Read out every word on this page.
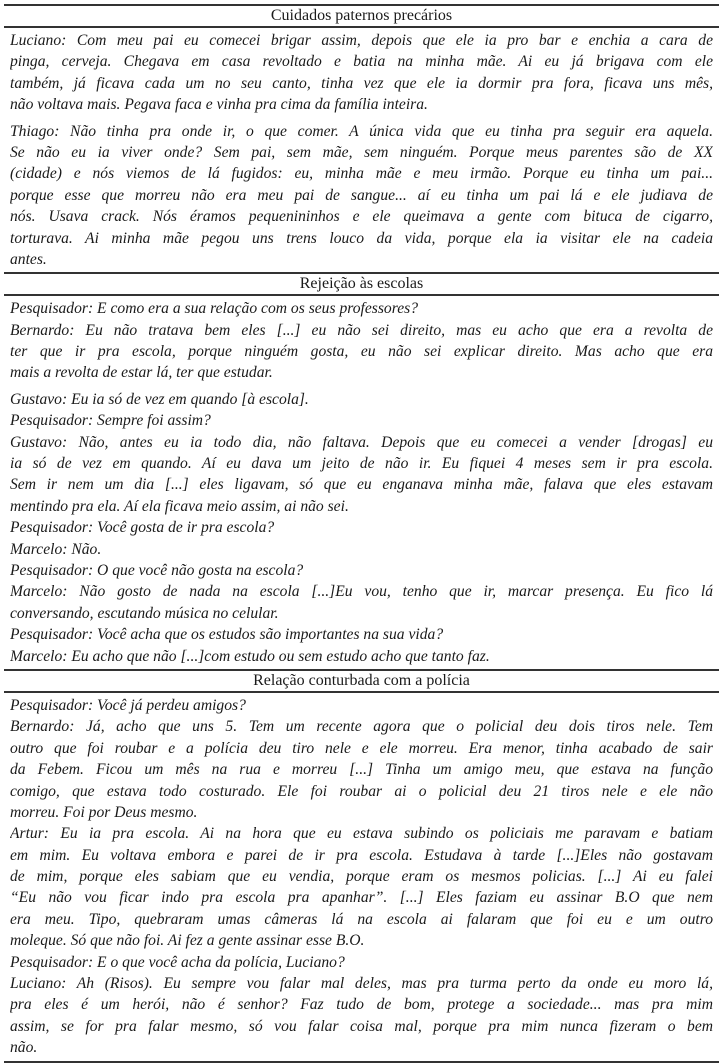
Cuidados paternos precários
Luciano: Com meu pai eu comecei brigar assim, depois que ele ia pro bar e enchia a cara de
pinga, cerveja. Chegava em casa revoltado e batia na minha mãe. Ai eu já brigava com ele
também, já ficava cada um no seu canto, tinha vez que ele ia dormir pra fora, ficava uns mês,
não voltava mais. Pegava faca e vinha pra cima da família inteira.
Thiago: Não tinha pra onde ir, o que comer. A única vida que eu tinha pra seguir era aquela.
Se não eu ia viver onde? Sem pai, sem mãe, sem ninguém. Porque meus parentes são de XX
(cidade) e nós viemos de lá fugidos: eu, minha mãe e meu irmão. Porque eu tinha um pai...
porque esse que morreu não era meu pai de sangue... aí eu tinha um pai lá e ele judiava de
nós. Usava crack. Nós éramos pequenininhos e ele queimava a gente com bituca de cigarro,
torturava. Ai minha mãe pegou uns trens louco da vida, porque ela ia visitar ele na cadeia
antes.
Rejeição às escolas
Pesquisador: E como era a sua relação com os seus professores?
Bernardo: Eu não tratava bem eles [...] eu não sei direito, mas eu acho que era a revolta de
ter que ir pra escola, porque ninguém gosta, eu não sei explicar direito. Mas acho que era
mais a revolta de estar lá, ter que estudar.
Gustavo: Eu ia só de vez em quando [à escola].
Pesquisador: Sempre foi assim?
Gustavo: Não, antes eu ia todo dia, não faltava. Depois que eu comecei a vender [drogas] eu
ia só de vez em quando. Aí eu dava um jeito de não ir. Eu fiquei 4 meses sem ir pra escola.
Sem ir nem um dia [...] eles ligavam, só que eu enganava minha mãe, falava que eles estavam
mentindo pra ela. Aí ela ficava meio assim, ai não sei.
Pesquisador: Você gosta de ir pra escola?
Marcelo: Não.
Pesquisador: O que você não gosta na escola?
Marcelo: Não gosto de nada na escola [...]Eu vou, tenho que ir, marcar presença. Eu fico lá
conversando, escutando música no celular.
Pesquisador: Você acha que os estudos são importantes na sua vida?
Marcelo: Eu acho que não [...]com estudo ou sem estudo acho que tanto faz.
Relação conturbada com a polícia
Pesquisador: Você já perdeu amigos?
Bernardo: Já, acho que uns 5. Tem um recente agora que o policial deu dois tiros nele. Tem
outro que foi roubar e a polícia deu tiro nele e ele morreu. Era menor, tinha acabado de sair
da Febem. Ficou um mês na rua e morreu [...] Tinha um amigo meu, que estava na função
comigo, que estava todo costurado. Ele foi roubar ai o policial deu 21 tiros nele e ele não
morreu. Foi por Deus mesmo.
Artur: Eu ia pra escola. Ai na hora que eu estava subindo os policiais me paravam e batiam
em mim. Eu voltava embora e parei de ir pra escola. Estudava à tarde [...]Eles não gostavam
de mim, porque eles sabiam que eu vendia, porque eram os mesmos policias. [...] Ai eu falei
“Eu não vou ficar indo pra escola pra apanhar”. [...] Eles faziam eu assinar B.O que nem
era meu. Tipo, quebraram umas câmeras lá na escola ai falaram que foi eu e um outro
moleque. Só que não foi. Ai fez a gente assinar esse B.O.
Pesquisador: E o que você acha da polícia, Luciano?
Luciano: Ah (Risos). Eu sempre vou falar mal deles, mas pra turma perto da onde eu moro lá,
pra eles é um herói, não é senhor? Faz tudo de bom, protege a sociedade... mas pra mim
assim, se for pra falar mesmo, só vou falar coisa mal, porque pra mim nunca fizeram o bem
não.
